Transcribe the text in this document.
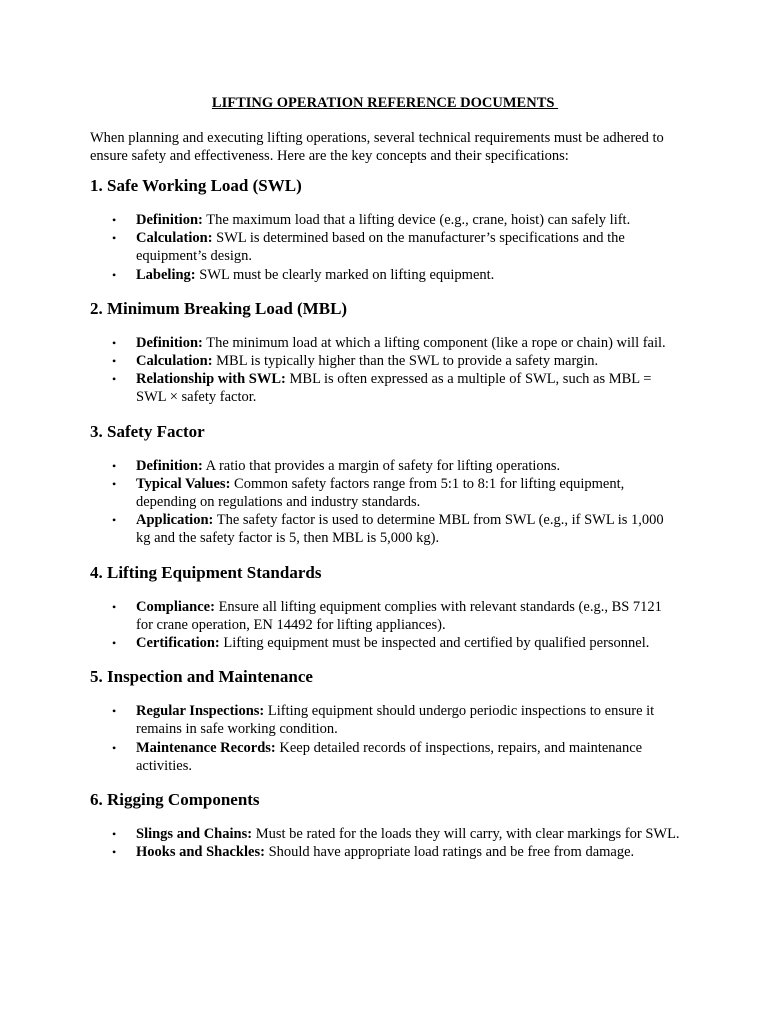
LIFTING OPERATION REFERENCE DOCUMENTS

When planning and executing lifting operations, several technical requirements must be adhered to ensure safety and effectiveness. Here are the key concepts and their specifications:

1. Safe Working Load (SWL)
• Definition: The maximum load that a lifting device (e.g., crane, hoist) can safely lift.
• Calculation: SWL is determined based on the manufacturer’s specifications and the equipment’s design.
• Labeling: SWL must be clearly marked on lifting equipment.
2. Minimum Breaking Load (MBL)
• Definition: The minimum load at which a lifting component (like a rope or chain) will fail.
• Calculation: MBL is typically higher than the SWL to provide a safety margin.
• Relationship with SWL: MBL is often expressed as a multiple of SWL, such as MBL = SWL × safety factor.
3. Safety Factor
• Definition: A ratio that provides a margin of safety for lifting operations.
• Typical Values: Common safety factors range from 5:1 to 8:1 for lifting equipment, depending on regulations and industry standards.
• Application: The safety factor is used to determine MBL from SWL (e.g., if SWL is 1,000 kg and the safety factor is 5, then MBL is 5,000 kg).
4. Lifting Equipment Standards
• Compliance: Ensure all lifting equipment complies with relevant standards (e.g., BS 7121 for crane operation, EN 14492 for lifting appliances).
• Certification: Lifting equipment must be inspected and certified by qualified personnel.
5. Inspection and Maintenance
• Regular Inspections: Lifting equipment should undergo periodic inspections to ensure it remains in safe working condition.
• Maintenance Records: Keep detailed records of inspections, repairs, and maintenance activities.
6. Rigging Components
• Slings and Chains: Must be rated for the loads they will carry, with clear markings for SWL.
• Hooks and Shackles: Should have appropriate load ratings and be free from damage.
